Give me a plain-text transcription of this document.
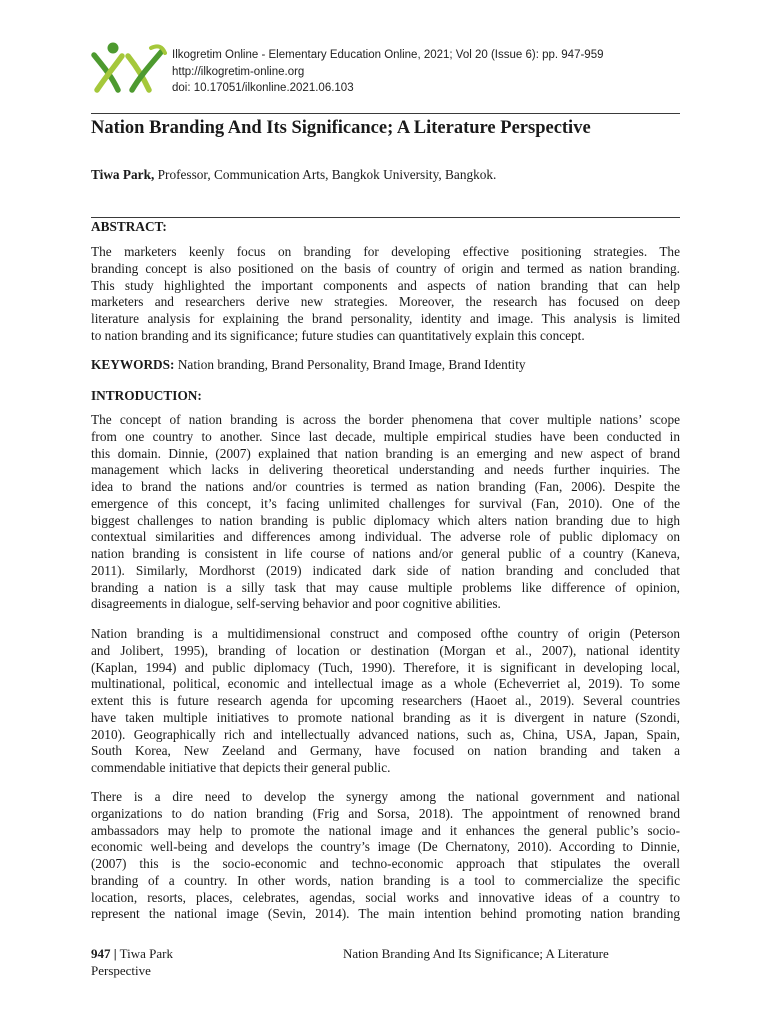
Ilkogretim Online - Elementary Education Online, 2021; Vol 20 (Issue 6): pp. 947-959
http://ilkogretim-online.org
doi: 10.17051/ilkonline.2021.06.103
Nation Branding And Its Significance; A Literature Perspective
Tiwa Park, Professor, Communication Arts, Bangkok University, Bangkok.
ABSTRACT:
The marketers keenly focus on branding for developing effective positioning strategies. The
branding concept is also positioned on the basis of country of origin and termed as nation branding.
This study highlighted the important components and aspects of nation branding that can help
marketers and researchers derive new strategies. Moreover, the research has focused on deep
literature analysis for explaining the brand personality, identity and image. This analysis is limited
to nation branding and its significance; future studies can quantitatively explain this concept.
KEYWORDS: Nation branding, Brand Personality, Brand Image, Brand Identity
INTRODUCTION:
The concept of nation branding is across the border phenomena that cover multiple nations’ scope
from one country to another. Since last decade, multiple empirical studies have been conducted in
this domain. Dinnie, (2007) explained that nation branding is an emerging and new aspect of brand
management which lacks in delivering theoretical understanding and needs further inquiries. The
idea to brand the nations and/or countries is termed as nation branding (Fan, 2006). Despite the
emergence of this concept, it’s facing unlimited challenges for survival (Fan, 2010). One of the
biggest challenges to nation branding is public diplomacy which alters nation branding due to high
contextual similarities and differences among individual. The adverse role of public diplomacy on
nation branding is consistent in life course of nations and/or general public of a country (Kaneva,
2011). Similarly, Mordhorst (2019) indicated dark side of nation branding and concluded that
branding a nation is a silly task that may cause multiple problems like difference of opinion,
disagreements in dialogue, self-serving behavior and poor cognitive abilities.
Nation branding is a multidimensional construct and composed ofthe country of origin (Peterson
and Jolibert, 1995), branding of location or destination (Morgan et al., 2007), national identity
(Kaplan, 1994) and public diplomacy (Tuch, 1990). Therefore, it is significant in developing local,
multinational, political, economic and intellectual image as a whole (Echeverriet al, 2019). To some
extent this is future research agenda for upcoming researchers (Haoet al., 2019). Several countries
have taken multiple initiatives to promote national branding as it is divergent in nature (Szondi,
2010). Geographically rich and intellectually advanced nations, such as, China, USA, Japan, Spain,
South Korea, New Zeeland and Germany, have focused on nation branding and taken a
commendable initiative that depicts their general public.
There is a dire need to develop the synergy among the national government and national
organizations to do nation branding (Frig and Sorsa, 2018). The appointment of renowned brand
ambassadors may help to promote the national image and it enhances the general public’s socio-
economic well-being and develops the country’s image (De Chernatony, 2010). According to Dinnie,
(2007) this is the socio-economic and techno-economic approach that stipulates the overall
branding of a country. In other words, nation branding is a tool to commercialize the specific
location, resorts, places, celebrates, agendas, social works and innovative ideas of a country to
represent the national image (Sevin, 2014). The main intention behind promoting nation branding
947 | Tiwa Park	Nation Branding And Its Significance; A Literature
Perspective
